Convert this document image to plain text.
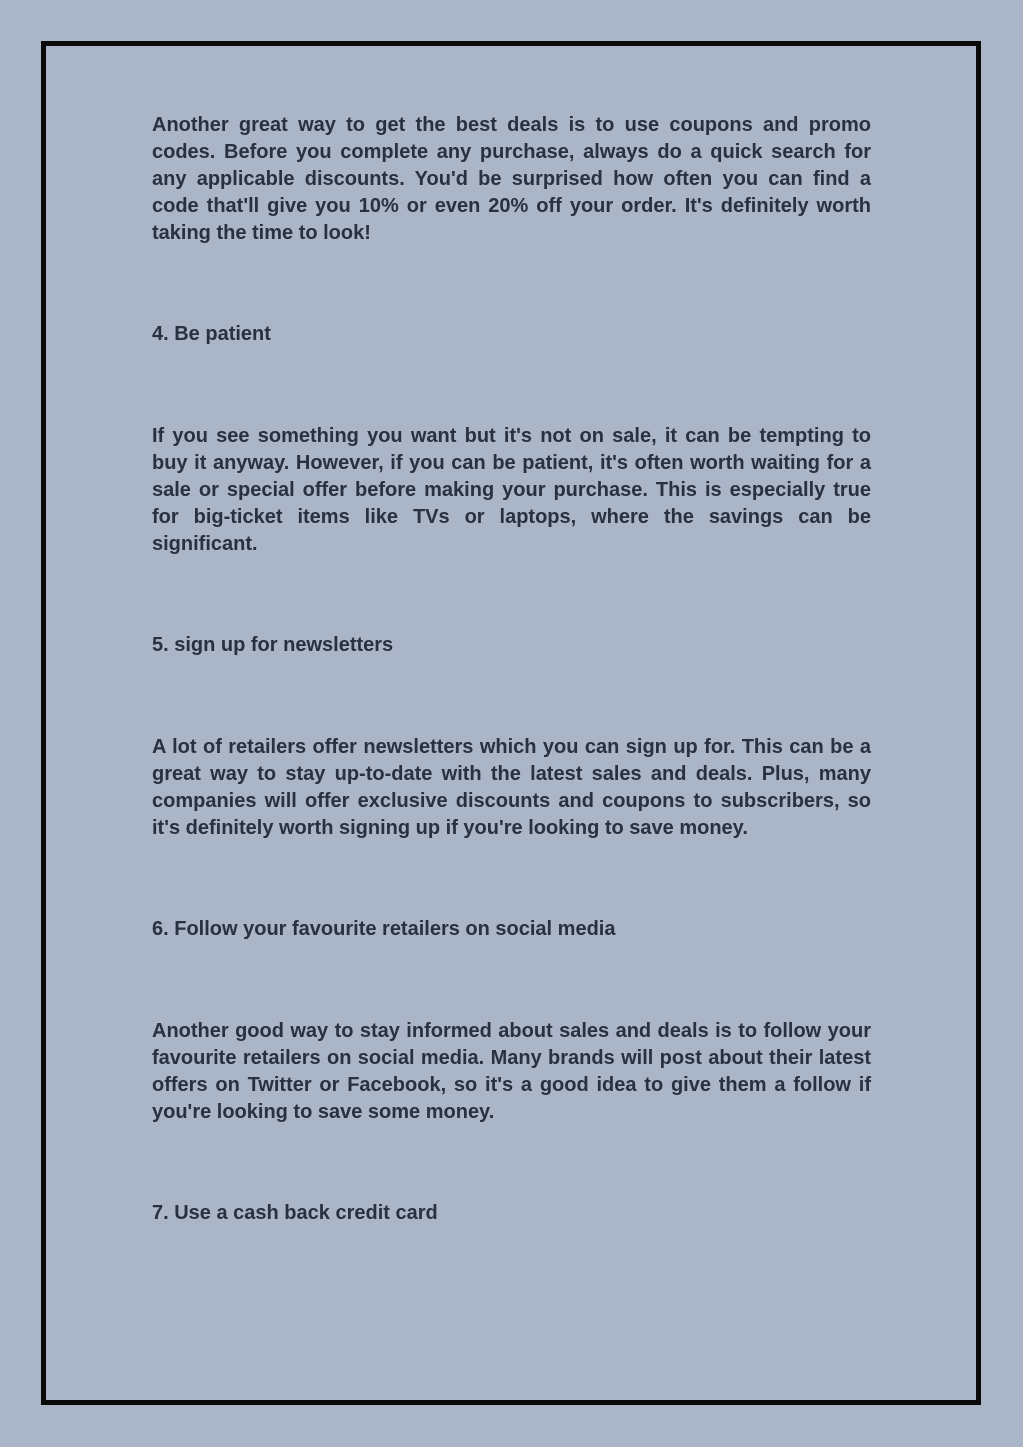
Another great way to get the best deals is to use coupons and promo codes. Before you complete any purchase, always do a quick search for any applicable discounts. You'd be surprised how often you can find a code that'll give you 10% or even 20% off your order. It's definitely worth taking the time to look!

4. Be patient

If you see something you want but it's not on sale, it can be tempting to buy it anyway. However, if you can be patient, it's often worth waiting for a sale or special offer before making your purchase. This is especially true for big-ticket items like TVs or laptops, where the savings can be significant.

5. sign up for newsletters

A lot of retailers offer newsletters which you can sign up for. This can be a great way to stay up-to-date with the latest sales and deals. Plus, many companies will offer exclusive discounts and coupons to subscribers, so it's definitely worth signing up if you're looking to save money.

6. Follow your favourite retailers on social media

Another good way to stay informed about sales and deals is to follow your favourite retailers on social media. Many brands will post about their latest offers on Twitter or Facebook, so it's a good idea to give them a follow if you're looking to save some money.

7. Use a cash back credit card
